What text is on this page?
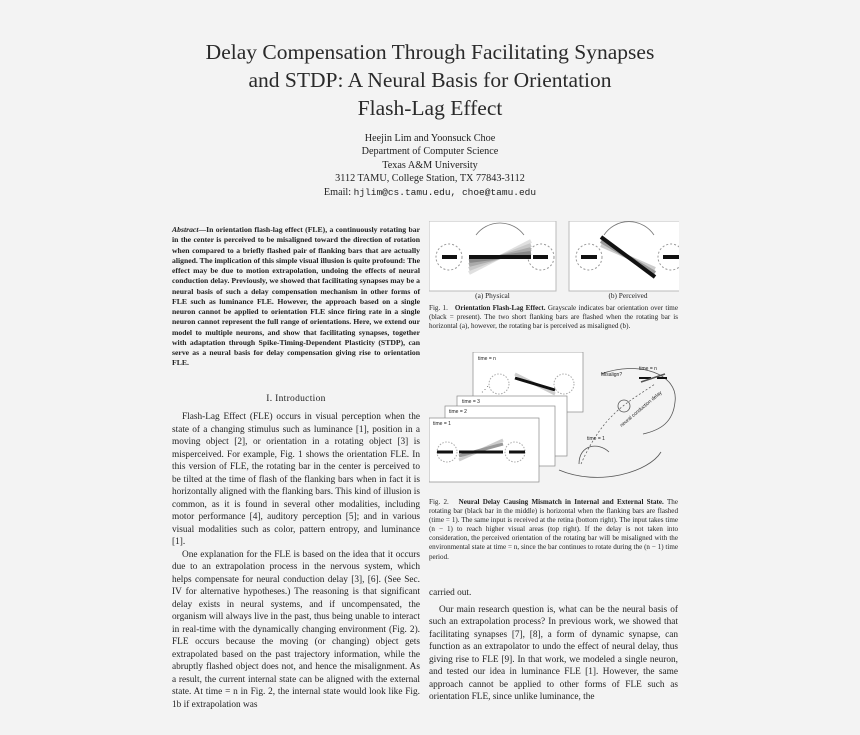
Delay Compensation Through Facilitating Synapses
and STDP: A Neural Basis for Orientation
Flash-Lag Effect
Heejin Lim and Yoonsuck Choe
Department of Computer Science
Texas A&M University
3112 TAMU, College Station, TX 77843-3112
Email: hjlim@cs.tamu.edu, choe@tamu.edu
Abstract—In orientation flash-lag effect (FLE), a continuously rotating bar in the center is perceived to be misaligned toward the direction of rotation when compared to a briefly flashed pair of flanking bars that are actually aligned. The implication of this simple visual illusion is quite profound: The effect may be due to motion extrapolation, undoing the effects of neural conduction delay. Previously, we showed that facilitating synapses may be a neural basis of such a delay compensation mechanism in other forms of FLE such as luminance FLE. However, the approach based on a single neuron cannot be applied to orientation FLE since firing rate in a single neuron cannot represent the full range of orientations. Here, we extend our model to multiple neurons, and show that facilitating synapses, together with adaptation through Spike-Timing-Dependent Plasticity (STDP), can serve as a neural basis for delay compensation giving rise to orientation FLE.
I. Introduction

Flash-Lag Effect (FLE) occurs in visual perception when the state of a changing stimulus such as luminance [1], position in a moving object [2], or orientation in a rotating object [3] is misperceived. For example, Fig. 1 shows the orientation FLE. In this version of FLE, the rotating bar in the center is perceived to be tilted at the time of flash of the flanking bars when in fact it is horizontally aligned with the flanking bars. This kind of illusion is common, as it is found in several other modalities, including motor performance [4], auditory perception [5]; and in various visual modalities such as color, pattern entropy, and luminance [1].

One explanation for the FLE is based on the idea that it occurs due to an extrapolation process in the nervous system, which helps compensate for neural conduction delay [3], [6]. (See Sec. IV for alternative hypotheses.) The reasoning is that significant delay exists in neural systems, and if uncompensated, the organism will always live in the past, thus being unable to interact in real-time with the dynamically changing environment (Fig. 2). FLE occurs because the moving (or changing) object gets extrapolated based on the past trajectory information, while the abruptly flashed object does not, and hence the misalignment. As a result, the current internal state can be aligned with the external state. At time = n in Fig. 2, the internal state would look like Fig. 1b if extrapolation was

(a) Physical	(b) Perceived
Fig. 1. Orientation Flash-Lag Effect. Grayscale indicates bar orientation over time (black = present). The two short flanking bars are flashed when the rotating bar is horizontal (a), however, the rotating bar is perceived as misaligned (b).
⋰
time = n
time = 3
time = 2
time = 1
time = n
time = 1
Misalign?
neural conduction delay
Fig. 2. Neural Delay Causing Mismatch in Internal and External State. The rotating bar (black bar in the middle) is horizontal when the flanking bars are flashed (time = 1). The same input is received at the retina (bottom right). The input takes time (n − 1) to reach higher visual areas (top right). If the delay is not taken into consideration, the perceived orientation of the rotating bar will be misaligned with the environmental state at time = n, since the bar continues to rotate during the (n − 1) time period.
carried out.

Our main research question is, what can be the neural basis of such an extrapolation process? In previous work, we showed that facilitating synapses [7], [8], a form of dynamic synapse, can function as an extrapolator to undo the effect of neural delay, thus giving rise to FLE [9]. In that work, we modeled a single neuron, and tested our idea in luminance FLE [1]. However, the same approach cannot be applied to other forms of FLE such as orientation FLE, since unlike luminance, the
